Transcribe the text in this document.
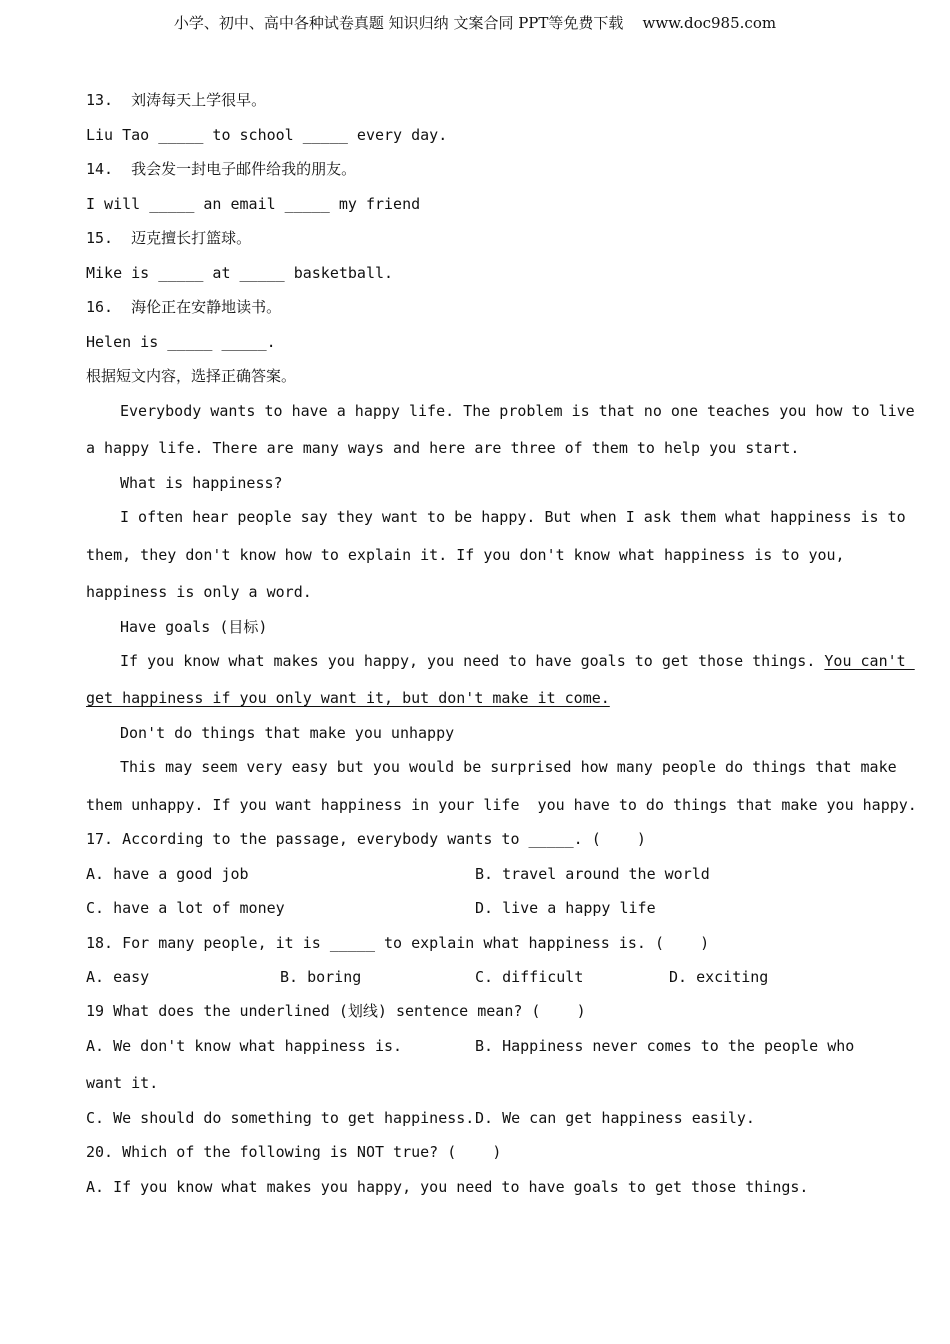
小学、初中、高中各种试卷真题 知识归纳 文案合同 PPT等免费下载    www.doc985.com
13.  刘涛每天上学很早。
Liu Tao _____ to school _____ every day.
14.  我会发一封电子邮件给我的朋友。
I will _____ an email _____ my friend
15.  迈克擅长打篮球。
Mike is _____ at _____ basketball.
16.  海伦正在安静地读书。
Helen is _____ _____.
根据短文内容，选择正确答案。
Everybody wants to have a happy life. The problem is that no one teaches you how to live
a happy life. There are many ways and here are three of them to help you start.
What is happiness?
I often hear people say they want to be happy. But when I ask them what happiness is to
them, they don't know how to explain it. If you don't know what happiness is to you,
happiness is only a word.
Have goals (目标)
If you know what makes you happy, you need to have goals to get those things. You can't
get happiness if you only want it, but don't make it come.
Don't do things that make you unhappy
This may seem very easy but you would be surprised how many people do things that make
them unhappy. If you want happiness in your life  you have to do things that make you happy.
17. According to the passage, everybody wants to _____. (    )
A. have a good job	B. travel around the world
C. have a lot of money	D. live a happy life
18. For many people, it is _____ to explain what happiness is. (    )
A. easy	B. boring	C. difficult	D. exciting
19 What does the underlined (划线) sentence mean? (    )
A. We don't know what happiness is.	B. Happiness never comes to the people who
want it.
C. We should do something to get happiness. D. We can get happiness easily.
20. Which of the following is NOT true? (    )
A. If you know what makes you happy, you need to have goals to get those things.
